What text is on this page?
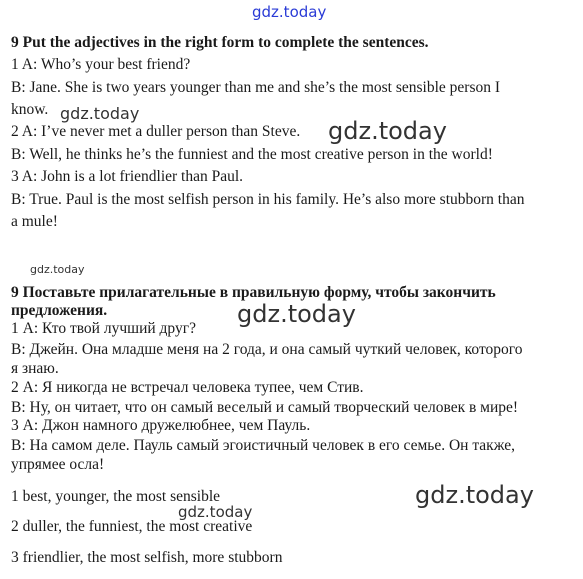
gdz.today
gdz.today
gdz.today
gdz.today
gdz.today
gdz.today
gdz.today
9 Put the adjectives in the right form to complete the sentences.
1 A: Who’s your best friend?
B: Jane. She is two years younger than me and she’s the most sensible person I
know.
2 A: I’ve never met a duller person than Steve.
B: Well, he thinks he’s the funniest and the most creative person in the world!
3 A: John is a lot friendlier than Paul.
B: True. Paul is the most selfish person in his family. He’s also more stubborn than
a mule!
9 Поставьте прилагательные в правильную форму, чтобы закончить
предложения.
1 А: Кто твой лучший друг?
В: Джейн. Она младше меня на 2 года, и она самый чуткий человек, которого
я знаю.
2 А: Я никогда не встречал человека тупее, чем Стив.
В: Ну, он читает, что он самый веселый и самый творческий человек в мире!
3 А: Джон намного дружелюбнее, чем Пауль.
В: На самом деле. Пауль самый эгоистичный человек в его семье. Он также,
упрямее осла!
1 best, younger, the most sensible
2 duller, the funniest, the most creative
3 friendlier, the most selfish, more stubborn
